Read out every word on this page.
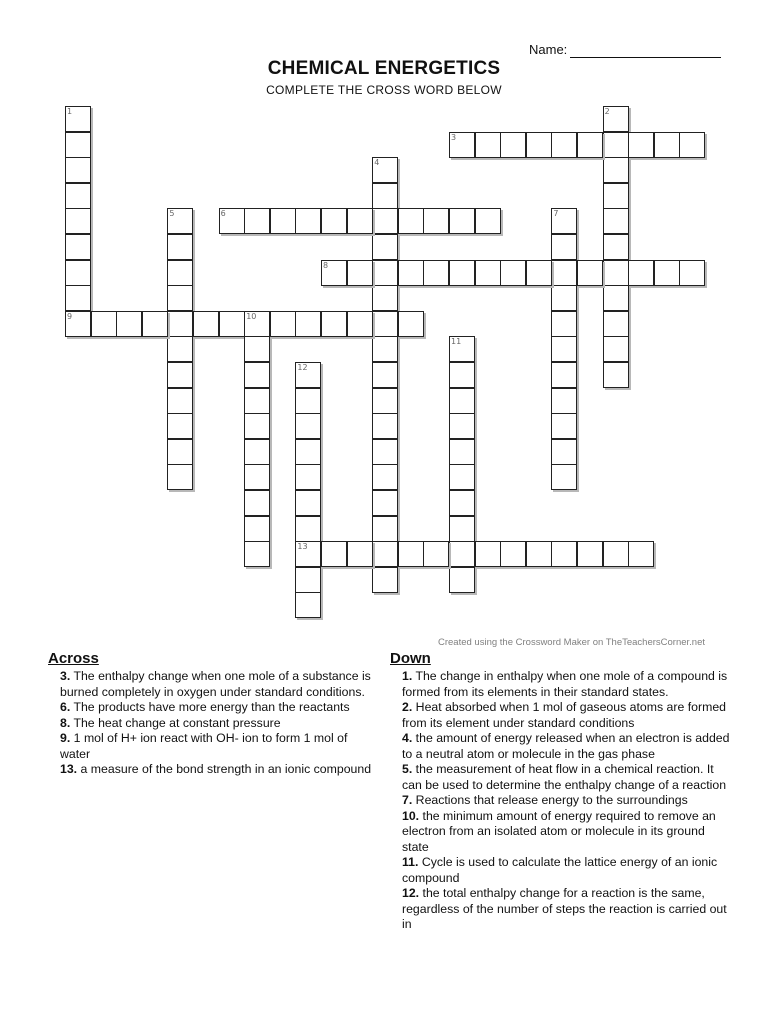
Name:
CHEMICAL ENERGETICS
COMPLETE THE CROSS WORD BELOW
1	2
3
4
5	6	7
8
9	10
11
12
13
Created using the Crossword Maker on TheTeachersCorner.net
Across
3. The enthalpy change when one mole of a substance is burned completely in oxygen under standard conditions.
6. The products have more energy than the reactants
8. The heat change at constant pressure
9. 1 mol of H+ ion react with OH- ion to form 1 mol of water
13. a measure of the bond strength in an ionic compound
Down
1. The change in enthalpy when one mole of a compound is formed from its elements in their standard states.
2. Heat absorbed when 1 mol of gaseous atoms are formed from its element under standard conditions
4. the amount of energy released when an electron is added to a neutral atom or molecule in the gas phase
5. the measurement of heat flow in a chemical reaction. It can be used to determine the enthalpy change of a reaction
7. Reactions that release energy to the surroundings
10. the minimum amount of energy required to remove an electron from an isolated atom or molecule in its ground state
11. Cycle is used to calculate the lattice energy of an ionic compound
12. the total enthalpy change for a reaction is the same, regardless of the number of steps the reaction is carried out in
